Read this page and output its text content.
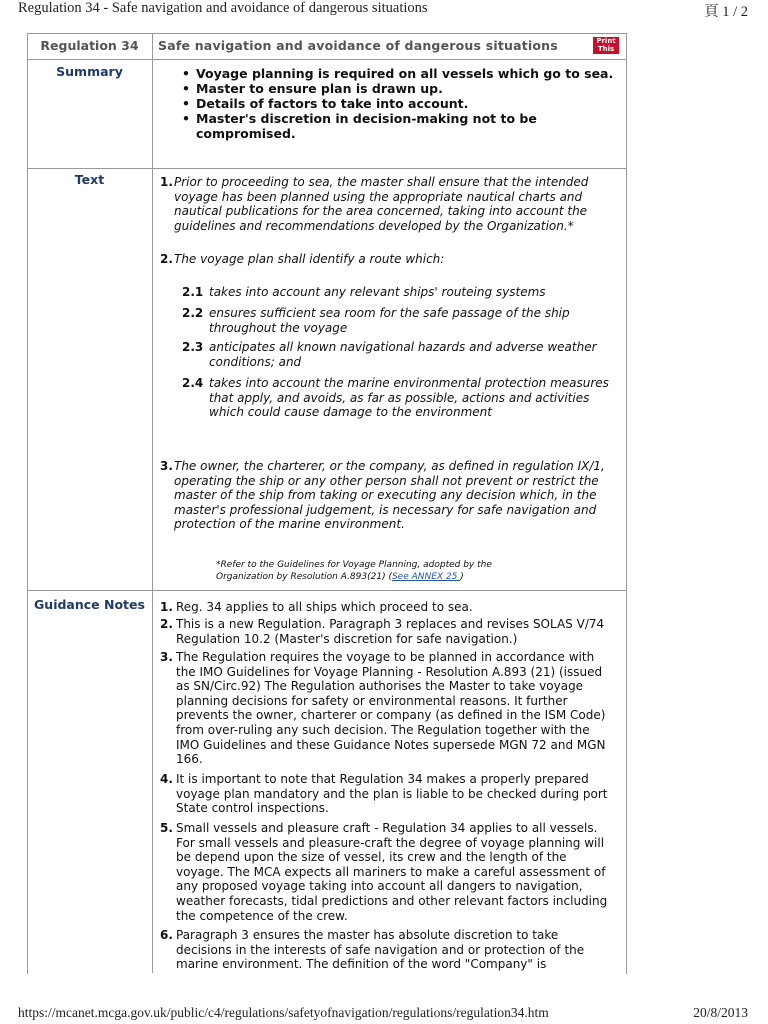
Regulation 34 - Safe navigation and avoidance of dangerous situations	頁 1 / 2
Regulation 34	Safe navigation and avoidance of dangerous situations	Print
This
Summary
•	Voyage planning is required on all vessels which go to sea.
• Master to ensure plan is drawn up.
• Details of factors to take into account.
• Master's discretion in decision-making not to be compromised.
Text	1. Prior to proceeding to sea, the master shall ensure that the intended voyage has been planned using the appropriate nautical charts and nautical publications for the area concerned, taking into account the guidelines and recommendations developed by the Organization.*
2. The voyage plan shall identify a route which:
2.1 takes into account any relevant ships' routeing systems
2.2 ensures sufficient sea room for the safe passage of the ship throughout the voyage
2.3 anticipates all known navigational hazards and adverse weather conditions; and
2.4 takes into account the marine environmental protection measures that apply, and avoids, as far as possible, actions and activities which could cause damage to the environment
3. The owner, the charterer, or the company, as defined in regulation IX/1, operating the ship or any other person shall not prevent or restrict the master of the ship from taking or executing any decision which, in the master's professional judgement, is necessary for safe navigation and protection of the marine environment.
*Refer to the Guidelines for Voyage Planning, adopted by the Organization by Resolution A.893(21) (See ANNEX 25 )
Guidance Notes	1. Reg. 34 applies to all ships which proceed to sea.
2. This is a new Regulation. Paragraph 3 replaces and revises SOLAS V/74 Regulation 10.2 (Master's discretion for safe navigation.)
3. The Regulation requires the voyage to be planned in accordance with the IMO Guidelines for Voyage Planning - Resolution A.893 (21) (issued as SN/Circ.92) The Regulation authorises the Master to take voyage planning decisions for safety or environmental reasons. It further prevents the owner, charterer or company (as defined in the ISM Code) from over-ruling any such decision. The Regulation together with the IMO Guidelines and these Guidance Notes supersede MGN 72 and MGN 166.
4. It is important to note that Regulation 34 makes a properly prepared voyage plan mandatory and the plan is liable to be checked during port State control inspections.
5. Small vessels and pleasure craft - Regulation 34 applies to all vessels. For small vessels and pleasure-craft the degree of voyage planning will be depend upon the size of vessel, its crew and the length of the voyage. The MCA expects all mariners to make a careful assessment of any proposed voyage taking into account all dangers to navigation, weather forecasts, tidal predictions and other relevant factors including the competence of the crew.
6. Paragraph 3 ensures the master has absolute discretion to take decisions in the interests of safe navigation and or protection of the marine environment. The definition of the word "Company" is
https://mcanet.mcga.gov.uk/public/c4/regulations/safetyofnavigation/regulations/regulation34.htm	20/8/2013
